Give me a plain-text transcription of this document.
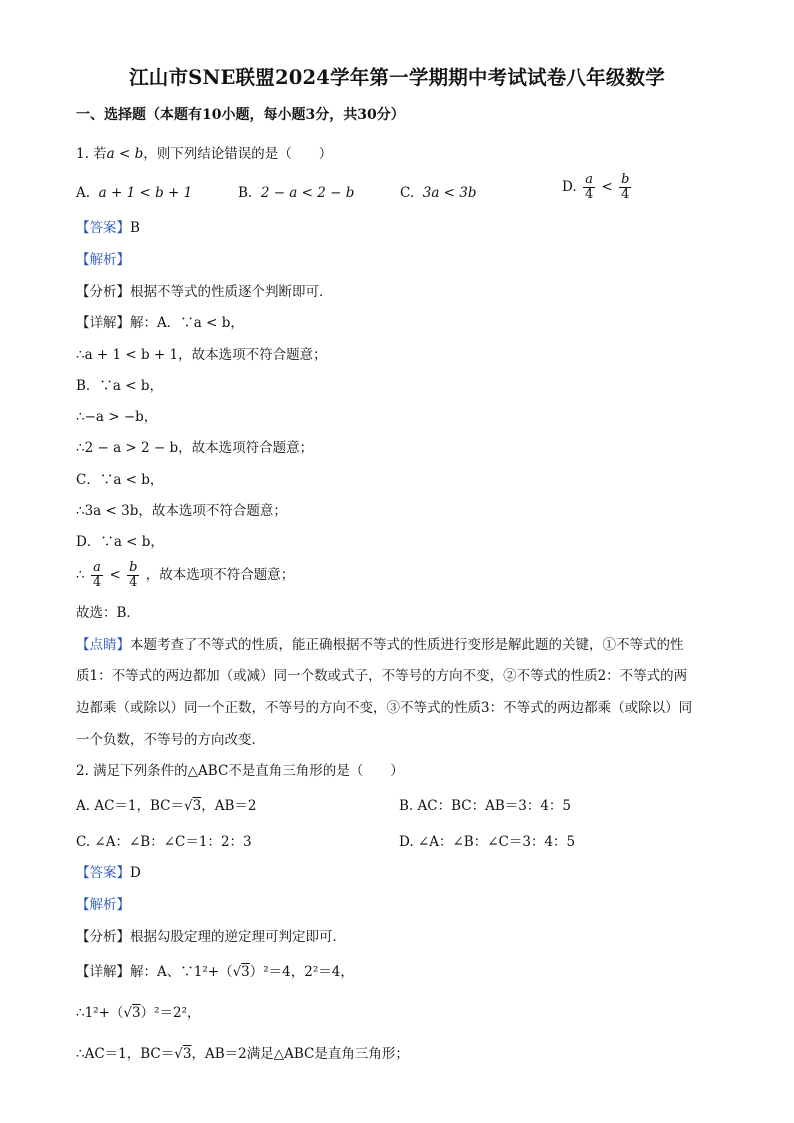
江山市SNE联盟2024学年第一学期期中考试试卷八年级数学
一、选择题（本题有10小题，每小题3分，共30分）
1. 若a < b，则下列结论错误的是（　　）
A. a + 1 < b + 1	B. 2 − a < 2 − b	C. 3a < 3b	D. $\frac{a}{4} < \frac{b}{4}$
【答案】B
【解析】
【分析】根据不等式的性质逐个判断即可．
【详解】解：A．∵a < b，
∴a + 1 < b + 1，故本选项不符合题意；
B．∵a < b，
∴−a > −b，
∴2 − a > 2 − b，故本选项符合题意；
C．∵a < b，
∴3a < 3b，故本选项不符合题意；
D．∵a < b，
∴ $\frac{a}{4} < \frac{b}{4}$ ，故本选项不符合题意；
故选：B．
【点睛】本题考查了不等式的性质，能正确根据不等式的性质进行变形是解此题的关键，①不等式的性
质1：不等式的两边都加（或减）同一个数或式子，不等号的方向不变，②不等式的性质2：不等式的两
边都乘（或除以）同一个正数，不等号的方向不变，③不等式的性质3：不等式的两边都乘（或除以）同
一个负数，不等号的方向改变．
2. 满足下列条件的△ABC不是直角三角形的是（　　）
A. AC＝1，BC＝√3，AB＝2	B. AC：BC：AB＝3：4：5
C. ∠A：∠B：∠C＝1：2：3	D. ∠A：∠B：∠C＝3：4：5
【答案】D
【解析】
【分析】根据勾股定理的逆定理可判定即可．
【详解】解：A、∵1²+（√3）²＝4，2²＝4，
∴1²+（√3）²＝2²，
∴AC＝1，BC＝√3，AB＝2满足△ABC是直角三角形；
